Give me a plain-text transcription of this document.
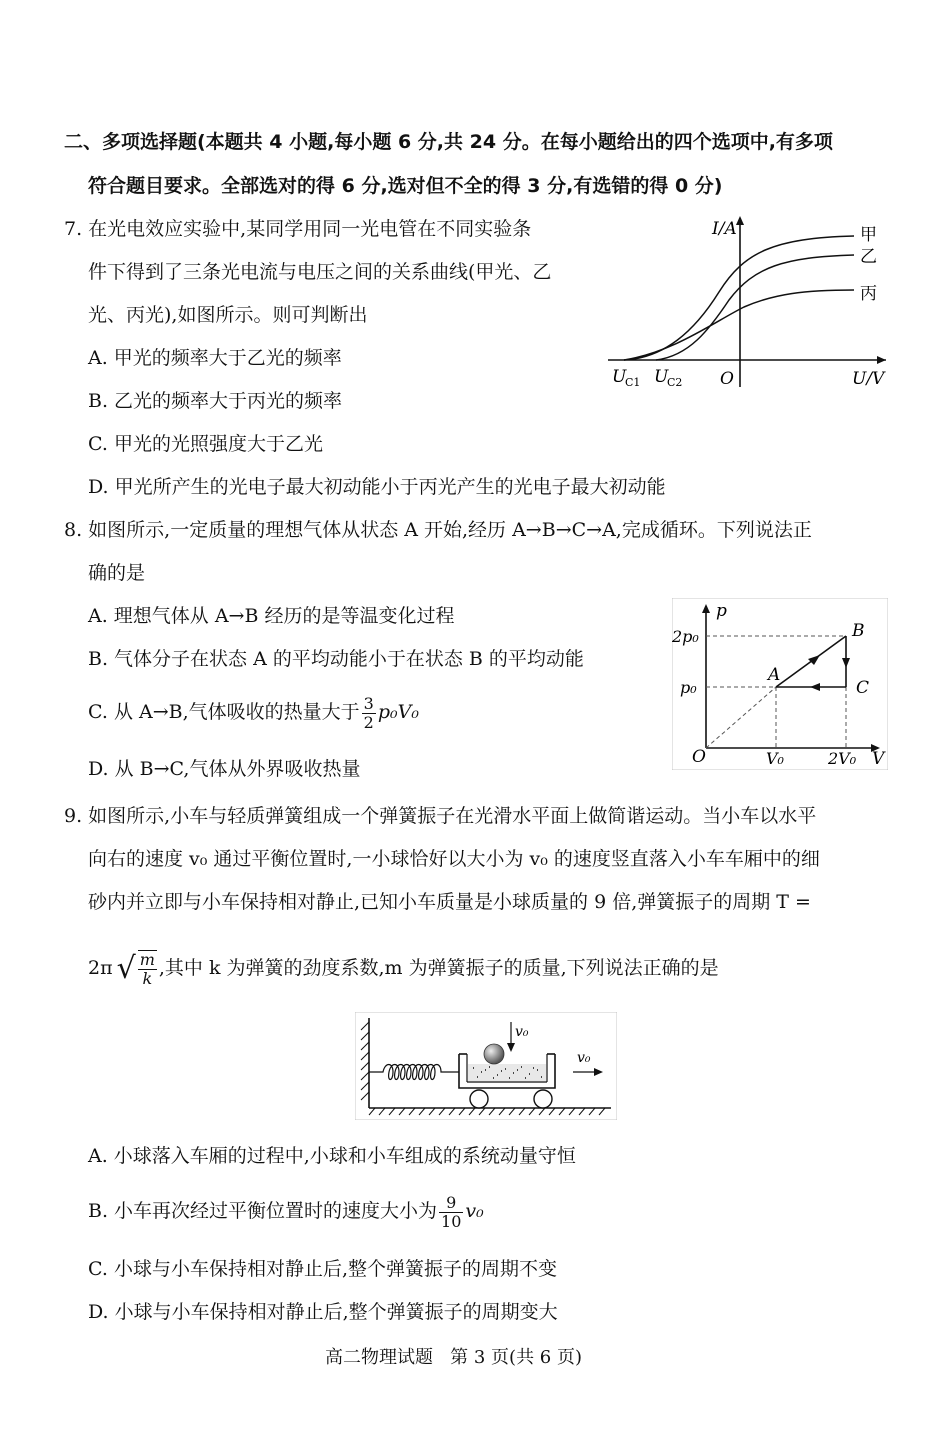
二、多项选择题(本题共 4 小题,每小题 6 分,共 24 分。在每小题给出的四个选项中,有多项
符合题目要求。全部选对的得 6 分,选对但不全的得 3 分,有选错的得 0 分)
7. 在光电效应实验中,某同学用同一光电管在不同实验条
件下得到了三条光电流与电压之间的关系曲线(甲光、乙
光、丙光),如图所示。则可判断出
A. 甲光的频率大于乙光的频率
B. 乙光的频率大于丙光的频率
C. 甲光的光照强度大于乙光
D. 甲光所产生的光电子最大初动能小于丙光产生的光电子最大初动能
I/A
U/V
O
U
C1 U
C2
甲
乙
丙
8. 如图所示,一定质量的理想气体从状态 A 开始,经历 A→B→C→A,完成循环。下列说法正
确的是
A. 理想气体从 A→B 经历的是等温变化过程
B. 气体分子在状态 A 的平均动能小于在状态 B 的平均动能
C. 从 A→B,气体吸收的热量大于 $\frac{3}{2} p_0V_0$
D. 从 B→C,气体从外界吸收热量
p
V
O
2p₀
p₀
V₀	2V₀
A
B
C
9. 如图所示,小车与轻质弹簧组成一个弹簧振子在光滑水平面上做简谐运动。当小车以水平
向右的速度 v₀ 通过平衡位置时,一小球恰好以大小为 v₀ 的速度竖直落入小车车厢中的细
砂内并立即与小车保持相对静止,已知小车质量是小球质量的 9 倍,弹簧振子的周期 T =
2π √ $\frac{m}{k}$ ,其中 k 为弹簧的劲度系数,m 为弹簧振子的质量,下列说法正确的是
v₀
v₀
A. 小球落入车厢的过程中,小球和小车组成的系统动量守恒
B. 小车再次经过平衡位置时的速度大小为 $\frac{9}{10} v_0$
C. 小球与小车保持相对静止后,整个弹簧振子的周期不变
D. 小球与小车保持相对静止后,整个弹簧振子的周期变大
高二物理试题   第 3 页(共 6 页)
